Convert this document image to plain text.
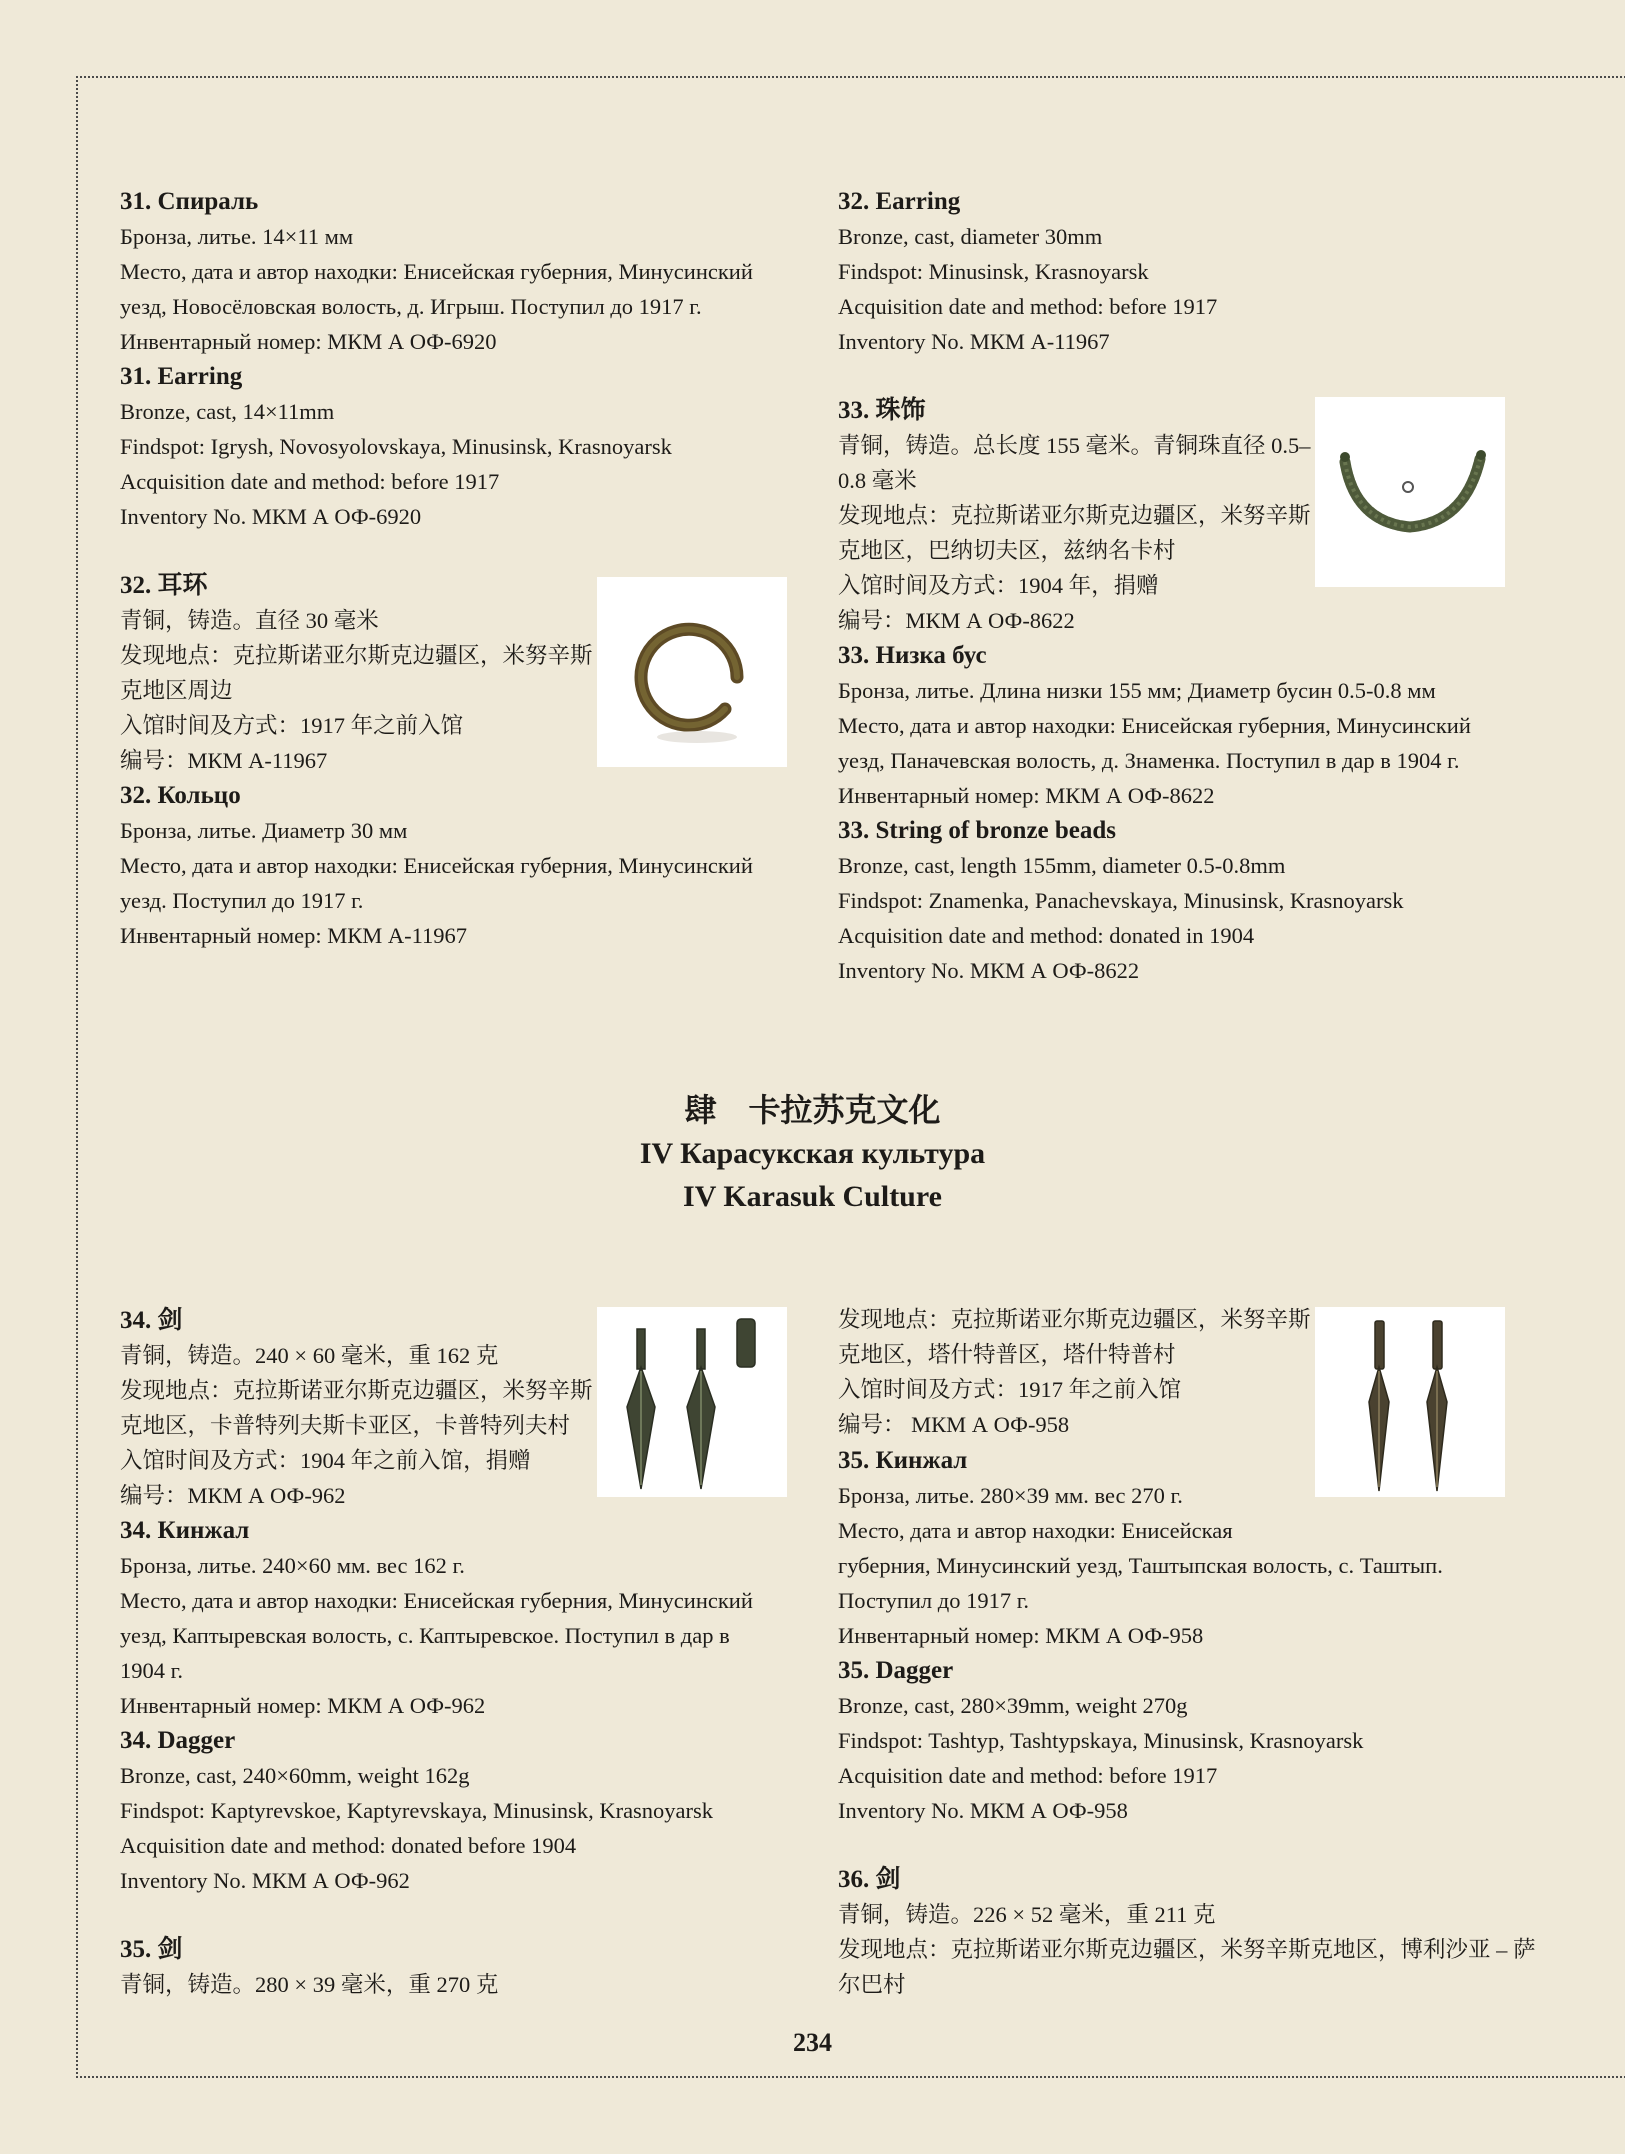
31. Спираль
Бронза, литье. 14×11 мм
Место, дата и автор находки: Енисейская губерния, Минусинский
уезд, Новосёловская волость, д. Игрыш. Поступил до 1917 г.
Инвентарный номер: МКМ А ОФ-6920
31. Earring
Bronze, cast, 14×11mm
Findspot: Igrysh, Novosyolovskaya, Minusinsk, Krasnoyarsk
Acquisition date and method: before 1917
Inventory No. МКМ А ОФ-6920
32. 耳环
青铜，铸造。直径 30 毫米
发现地点：克拉斯诺亚尔斯克边疆区，米努辛斯
克地区周边
入馆时间及方式：1917 年之前入馆
编号：МКМ А-11967
32. Кольцо
Бронза, литье. Диаметр 30 мм
Место, дата и автор находки: Енисейская губерния, Минусинский
уезд. Поступил до 1917 г.
Инвентарный номер: МКМ А-11967
32. Earring
Bronze, cast, diameter 30mm
Findspot: Minusinsk, Krasnoyarsk
Acquisition date and method: before 1917
Inventory No. МКМ А-11967
33. 珠饰
青铜，铸造。总长度 155 毫米。青铜珠直径 0.5–
0.8 毫米
发现地点：克拉斯诺亚尔斯克边疆区，米努辛斯
克地区，巴纳切夫区，兹纳名卡村
入馆时间及方式：1904 年，捐赠
编号：МКМ А ОФ-8622
33. Низка бус
Бронза, литье. Длина низки 155 мм; Диаметр бусин 0.5-0.8 мм
Место, дата и автор находки: Енисейская губерния, Минусинский
уезд, Паначевская волость, д. Знаменка. Поступил в дар в 1904 г.
Инвентарный номер: МКМ А ОФ-8622
33. String of bronze beads
Bronze, cast, length 155mm, diameter 0.5-0.8mm
Findspot: Znamenka, Panachevskaya, Minusinsk, Krasnoyarsk
Acquisition date and method: donated in 1904
Inventory No. МКМ А ОФ-8622
肆　卡拉苏克文化
IV Карасукская культура
IV Karasuk Culture
34. 剑
青铜，铸造。240 × 60 毫米，重 162 克
发现地点：克拉斯诺亚尔斯克边疆区，米努辛斯
克地区，卡普特列夫斯卡亚区，卡普特列夫村
入馆时间及方式：1904 年之前入馆，捐赠
编号：МКМ А ОФ-962
34. Кинжал
Бронза, литье. 240×60 мм. вес 162 г.
Место, дата и автор находки: Енисейская губерния, Минусинский
уезд, Каптыревская волость, с. Каптыревское. Поступил в дар в
1904 г.
Инвентарный номер: МКМ А ОФ-962
34. Dagger
Bronze, cast, 240×60mm, weight 162g
Findspot: Kaptyrevskoe, Kaptyrevskaya, Minusinsk, Krasnoyarsk
Acquisition date and method: donated before 1904
Inventory No. МКМ А ОФ-962
35. 剑
青铜，铸造。280 × 39 毫米，重 270 克
发现地点：克拉斯诺亚尔斯克边疆区，米努辛斯
克地区，塔什特普区，塔什特普村
入馆时间及方式：1917 年之前入馆
编号： МКМ А ОФ-958
35. Кинжал
Бронза, литье. 280×39 мм. вес 270 г.
Место, дата и автор находки: Енисейская
губерния, Минусинский уезд, Таштыпская волость, с. Таштып.
Поступил до 1917 г.
Инвентарный номер: МКМ А ОФ-958
35. Dagger
Bronze, cast, 280×39mm, weight 270g
Findspot: Tashtyp, Tashtypskaya, Minusinsk, Krasnoyarsk
Acquisition date and method: before 1917
Inventory No. МКМ А ОФ-958
36. 剑
青铜，铸造。226 × 52 毫米，重 211 克
发现地点：克拉斯诺亚尔斯克边疆区，米努辛斯克地区，博利沙亚 – 萨
尔巴村
234
